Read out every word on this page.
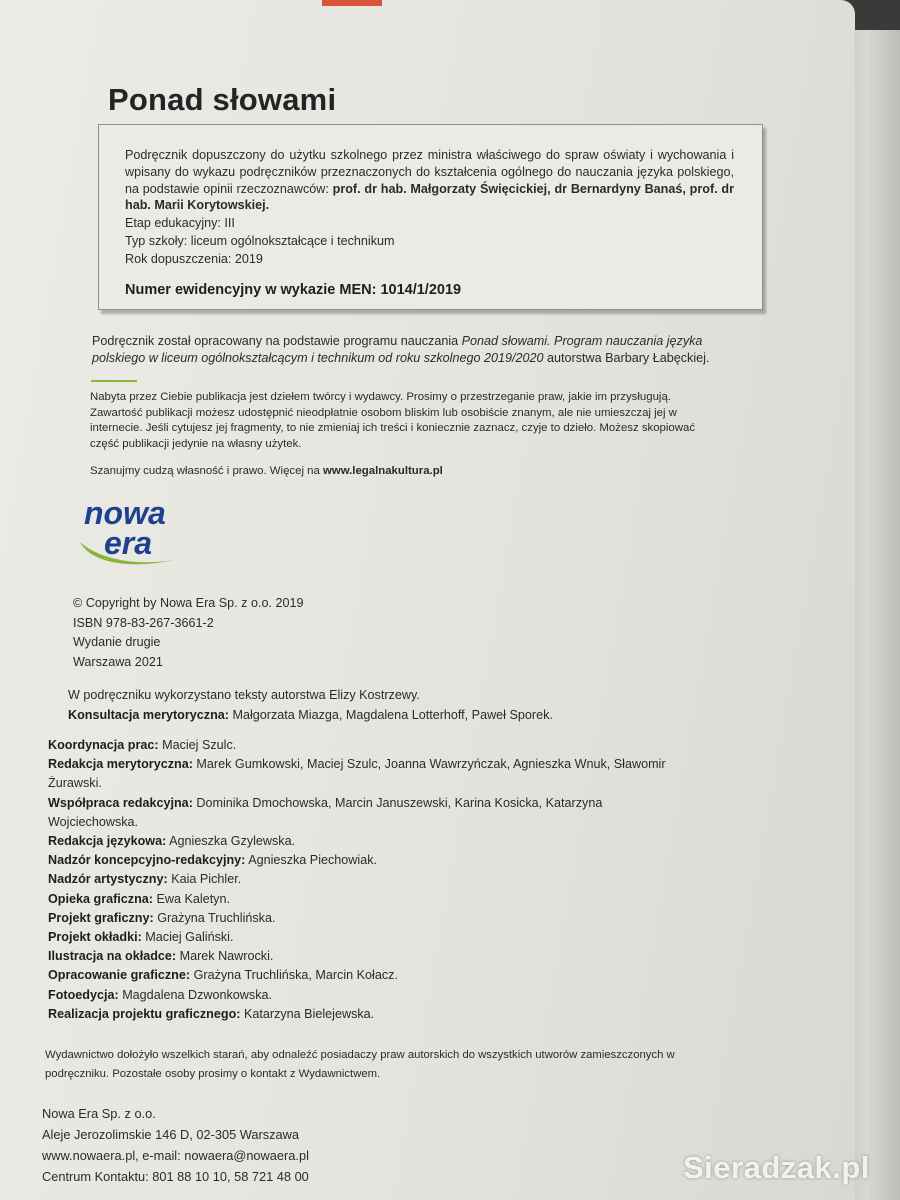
Ponad słowami

Podręcznik dopuszczony do użytku szkolnego przez ministra właściwego do spraw oświaty i wychowania i wpisany do wykazu podręczników przeznaczonych do kształcenia ogólnego do nauczania języka polskiego, na podstawie opinii rzeczoznawców: prof. dr hab. Małgorzaty Święcickiej, dr Bernardyny Banaś, prof. dr hab. Marii Korytowskiej.

Etap edukacyjny: III
Typ szkoły: liceum ogólnokształcące i technikum
Rok dopuszczenia: 2019
Numer ewidencyjny w wykazie MEN: 1014/1/2019
Podręcznik został opracowany na podstawie programu nauczania Ponad słowami. Program nauczania języka polskiego w liceum ogólnokształcącym i technikum od roku szkolnego 2019/2020 autorstwa Barbary Łabęckiej.
Nabyta przez Ciebie publikacja jest dziełem twórcy i wydawcy. Prosimy o przestrzeganie praw, jakie im przysługują. Zawartość publikacji możesz udostępnić nieodpłatnie osobom bliskim lub osobiście znanym, ale nie umieszczaj jej w internecie. Jeśli cytujesz jej fragmenty, to nie zmieniaj ich treści i koniecznie zaznacz, czyje to dzieło. Możesz skopiować część publikacji jedynie na własny użytek.
Szanujmy cudzą własność i prawo. Więcej na www.legalnakultura.pl
nowa
era
© Copyright by Nowa Era Sp. z o.o. 2019
ISBN 978-83-267-3661-2
Wydanie drugie
Warszawa 2021
W podręczniku wykorzystano teksty autorstwa Elizy Kostrzewy.
Konsultacja merytoryczna: Małgorzata Miazga, Magdalena Lotterhoff, Paweł Sporek.
Koordynacja prac: Maciej Szulc.
Redakcja merytoryczna: Marek Gumkowski, Maciej Szulc, Joanna Wawrzyńczak, Agnieszka Wnuk, Sławomir Żurawski.
Współpraca redakcyjna: Dominika Dmochowska, Marcin Januszewski, Karina Kosicka, Katarzyna Wojciechowska.
Redakcja językowa: Agnieszka Gzylewska.
Nadzór koncepcyjno-redakcyjny: Agnieszka Piechowiak.
Nadzór artystyczny: Kaia Pichler.
Opieka graficzna: Ewa Kaletyn.
Projekt graficzny: Grażyna Truchlińska.
Projekt okładki: Maciej Galiński.
Ilustracja na okładce: Marek Nawrocki.
Opracowanie graficzne: Grażyna Truchlińska, Marcin Kołacz.
Fotoedycja: Magdalena Dzwonkowska.
Realizacja projektu graficznego: Katarzyna Bielejewska.
Wydawnictwo dołożyło wszelkich starań, aby odnaleźć posiadaczy praw autorskich do wszystkich utworów zamieszczonych w podręczniku. Pozostałe osoby prosimy o kontakt z Wydawnictwem.
Nowa Era Sp. z o.o.
Aleje Jerozolimskie 146 D, 02-305 Warszawa
www.nowaera.pl, e-mail: nowaera@nowaera.pl
Centrum Kontaktu: 801 88 10 10, 58 721 48 00	Sieradzak.pl
